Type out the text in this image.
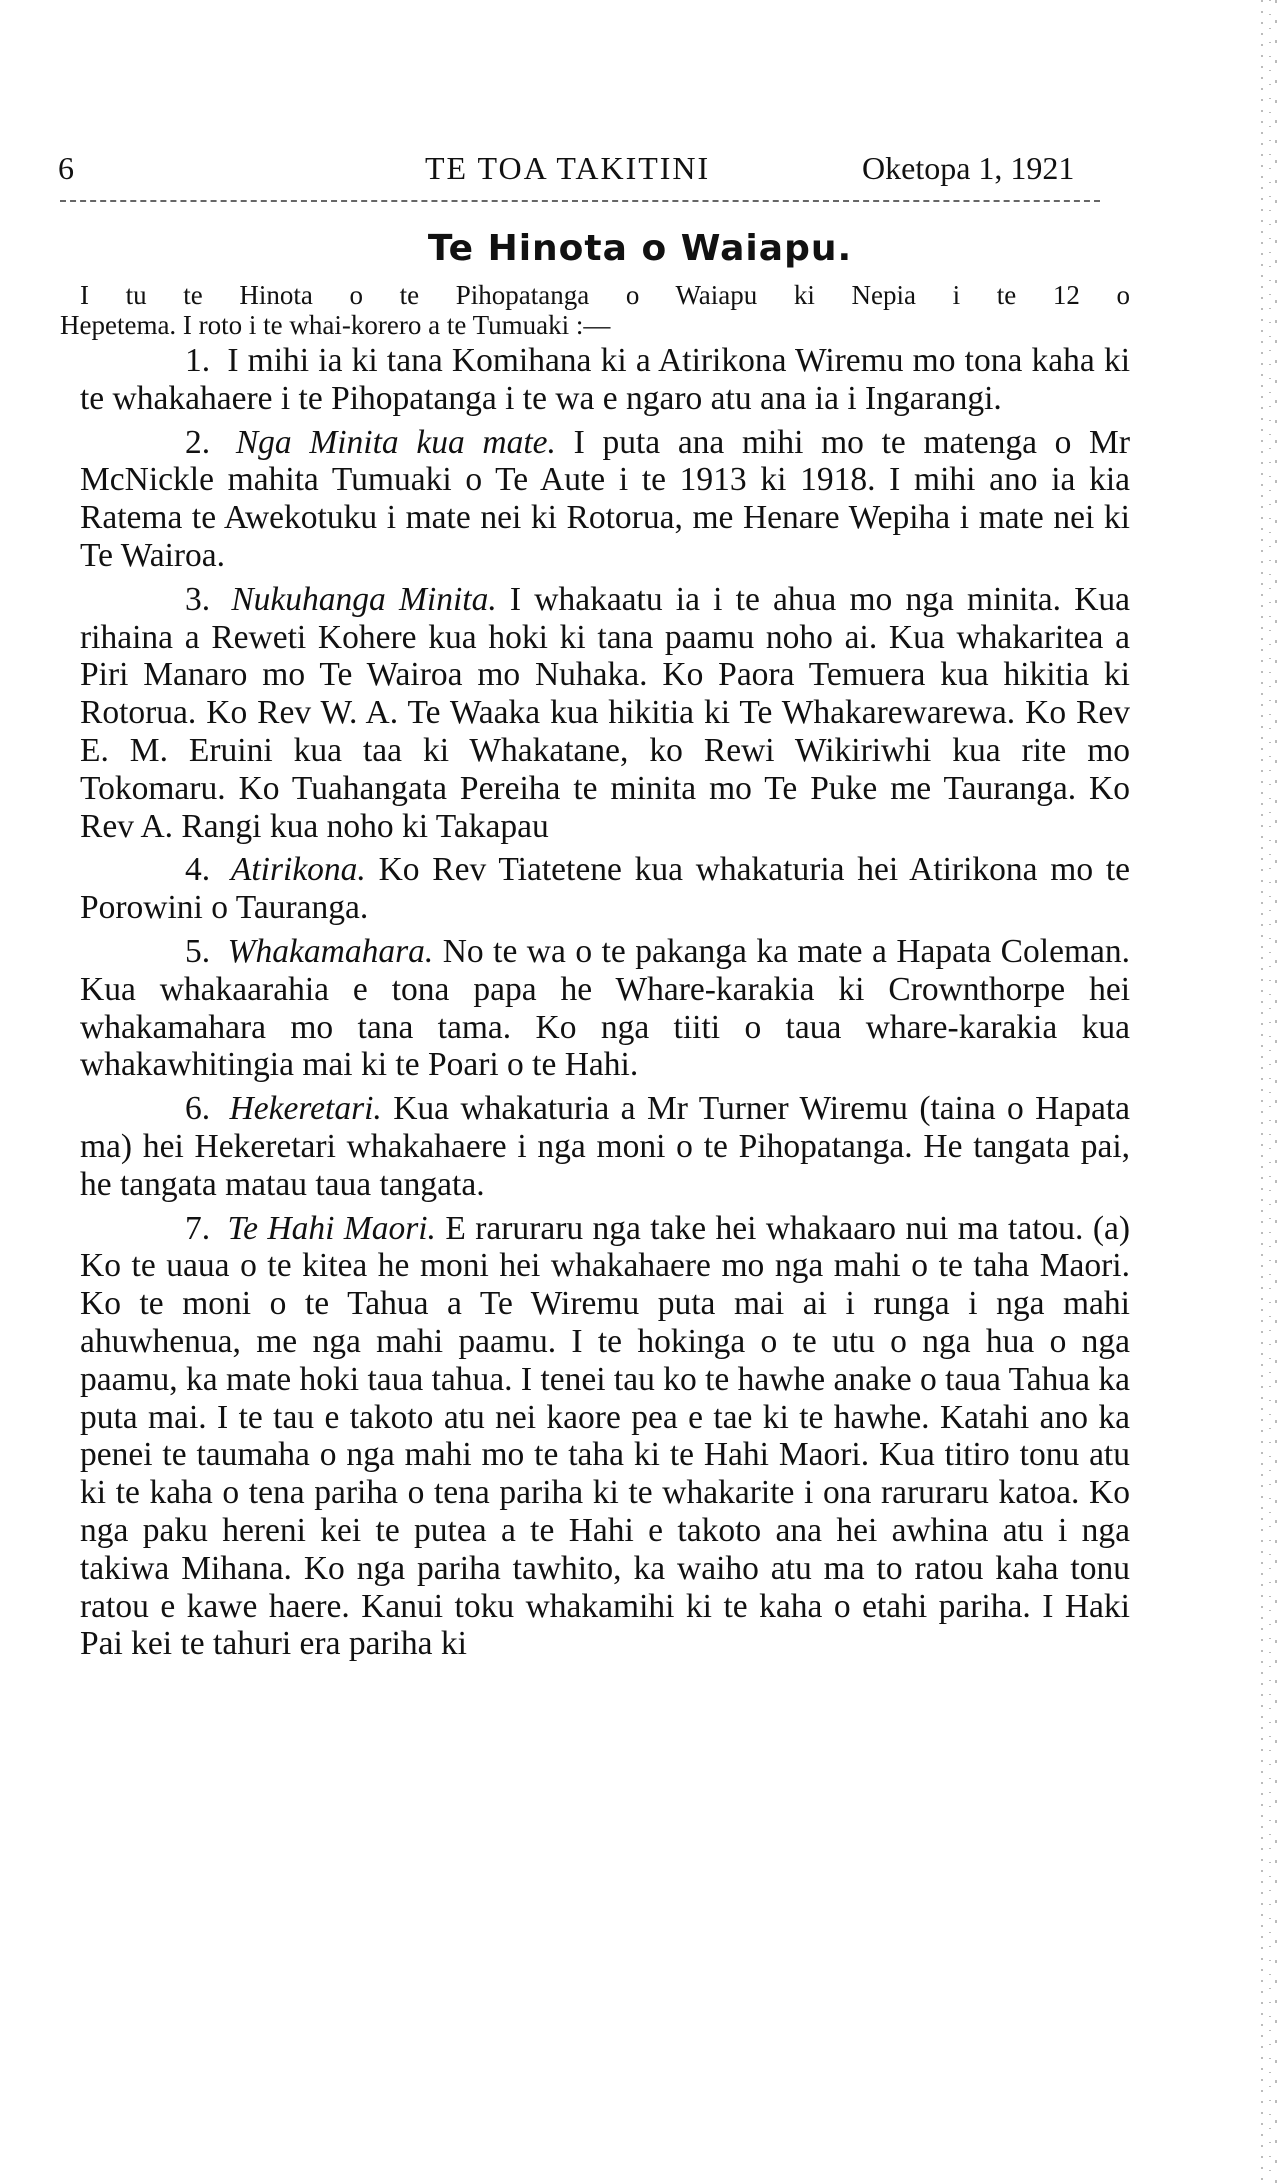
6	TE TOA TAKITINI	Oketopa 1, 1921
Te Hinota o Waiapu.
I tu te Hinota o te Pihopatanga o Waiapu ki Nepia i te 12 o
Hepetema. I roto i te whai-korero a te Tumuaki :—

1. I mihi ia ki tana Komihana ki a Atirikona Wiremu mo tona kaha ki te whakahaere i te Pihopatanga i te wa e ngaro atu ana ia i Ingarangi.

2. Nga Minita kua mate. I puta ana mihi mo te matenga o Mr McNickle mahita Tumuaki o Te Aute i te 1913 ki 1918. I mihi ano ia kia Ratema te Awekotuku i mate nei ki Rotorua, me Henare Wepiha i mate nei ki Te Wairoa.

3. Nukuhanga Minita. I whakaatu ia i te ahua mo nga minita. Kua rihaina a Reweti Kohere kua hoki ki tana paamu noho ai. Kua whakaritea a Piri Manaro mo Te Wairoa mo Nuhaka. Ko Paora Temuera kua hikitia ki Rotorua. Ko Rev W. A. Te Waaka kua hikitia ki Te Whakarewarewa. Ko Rev E. M. Eruini kua taa ki Whakatane, ko Rewi Wikiriwhi kua rite mo Tokomaru. Ko Tuahangata Pereiha te minita mo Te Puke me Tauranga. Ko Rev A. Rangi kua noho ki Takapau

4. Atirikona. Ko Rev Tiatetene kua whakaturia hei Atirikona mo te Porowini o Tauranga.

5. Whakamahara. No te wa o te pakanga ka mate a Hapata Coleman. Kua whakaarahia e tona papa he Whare-karakia ki Crownthorpe hei whakamahara mo tana tama. Ko nga tiiti o taua whare-karakia kua whakawhitingia mai ki te Poari o te Hahi.

6. Hekeretari. Kua whakaturia a Mr Turner Wiremu (taina o Hapata ma) hei Hekeretari whakahaere i nga moni o te Pihopatanga. He tangata pai, he tangata matau taua tangata.

7. Te Hahi Maori. E raruraru nga take hei whakaaro nui ma tatou. (a) Ko te uaua o te kitea he moni hei whakahaere mo nga mahi o te taha Maori. Ko te moni o te Tahua a Te Wiremu puta mai ai i runga i nga mahi ahuwhenua, me nga mahi paamu. I te hokinga o te utu o nga hua o nga paamu, ka mate hoki taua tahua. I tenei tau ko te hawhe anake o taua Tahua ka puta mai. I te tau e takoto atu nei kaore pea e tae ki te hawhe. Katahi ano ka penei te taumaha o nga mahi mo te taha ki te Hahi Maori. Kua titiro tonu atu ki te kaha o tena pariha o tena pariha ki te whakarite i ona raruraru katoa. Ko nga paku hereni kei te putea a te Hahi e takoto ana hei awhina atu i nga takiwa Mihana. Ko nga pariha tawhito, ka waiho atu ma to ratou kaha tonu ratou e kawe haere. Kanui toku whakamihi ki te kaha o etahi pariha. I Haki Pai kei te tahuri era pariha ki
